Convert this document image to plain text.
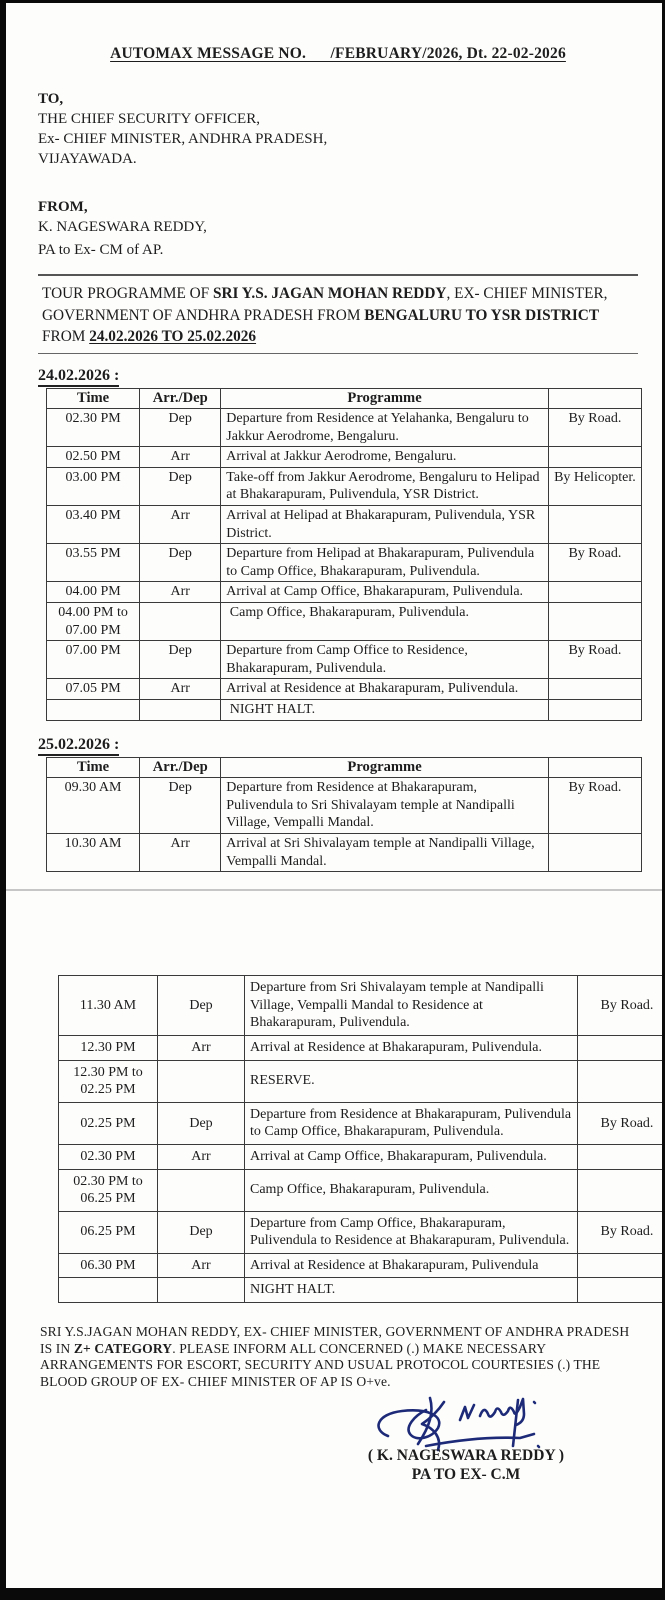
AUTOMAX MESSAGE NO.      /FEBRUARY/2026, Dt. 22-02-2026
TO,
THE CHIEF SECURITY OFFICER,
Ex- CHIEF MINISTER, ANDHRA PRADESH,
VIJAYAWADA.
FROM,
K. NAGESWARA REDDY,
PA to Ex- CM of AP.
TOUR PROGRAMME OF SRI Y.S. JAGAN MOHAN REDDY, EX- CHIEF MINISTER, GOVERNMENT OF ANDHRA PRADESH FROM BENGALURU TO YSR DISTRICT FROM 24.02.2026 TO 25.02.2026
24.02.2026 :
Time	Arr./Dep	Programme	
02.30 PM	Dep	Departure from Residence at Yelahanka, Bengaluru to Jakkur Aerodrome, Bengaluru.	By Road.
02.50 PM	Arr	Arrival at Jakkur Aerodrome, Bengaluru.	
03.00 PM	Dep	Take-off from Jakkur Aerodrome, Bengaluru to Helipad at Bhakarapuram, Pulivendula, YSR District.	By Helicopter.
03.40 PM	Arr	Arrival at Helipad at Bhakarapuram, Pulivendula, YSR District.	
03.55 PM	Dep	Departure from Helipad at Bhakarapuram, Pulivendula to Camp Office, Bhakarapuram, Pulivendula.	By Road.
04.00 PM	Arr	Arrival at Camp Office, Bhakarapuram, Pulivendula.	
04.00 PM to 07.00 PM		Camp Office, Bhakarapuram, Pulivendula.	
07.00 PM	Dep	Departure from Camp Office to Residence, Bhakarapuram, Pulivendula.	By Road.
07.05 PM	Arr	Arrival at Residence at Bhakarapuram, Pulivendula.	
		NIGHT HALT.	
25.02.2026 :
Time	Arr./Dep	Programme	
09.30 AM	Dep	Departure from Residence at Bhakarapuram, Pulivendula to Sri Shivalayam temple at Nandipalli Village, Vempalli Mandal.	By Road.
10.30 AM	Arr	Arrival at Sri Shivalayam temple at Nandipalli Village, Vempalli Mandal.	
11.30 AM	Dep	Departure from Sri Shivalayam temple at Nandipalli Village, Vempalli Mandal to Residence at Bhakarapuram, Pulivendula.	By Road.
12.30 PM	Arr	Arrival at Residence at Bhakarapuram, Pulivendula.	
12.30 PM to 02.25 PM		RESERVE.	
02.25 PM	Dep	Departure from Residence at Bhakarapuram, Pulivendula to Camp Office, Bhakarapuram, Pulivendula.	By Road.
02.30 PM	Arr	Arrival at Camp Office, Bhakarapuram, Pulivendula.	
02.30 PM to 06.25 PM		Camp Office, Bhakarapuram, Pulivendula.	
06.25 PM	Dep	Departure from Camp Office, Bhakarapuram, Pulivendula to Residence at Bhakarapuram, Pulivendula.	By Road.
06.30 PM	Arr	Arrival at Residence at Bhakarapuram, Pulivendula	
		NIGHT HALT.	
SRI Y.S.JAGAN MOHAN REDDY, EX- CHIEF MINISTER, GOVERNMENT OF ANDHRA PRADESH IS IN Z+ CATEGORY. PLEASE INFORM ALL CONCERNED (.) MAKE NECESSARY ARRANGEMENTS FOR ESCORT, SECURITY AND USUAL PROTOCOL COURTESIES (.) THE BLOOD GROUP OF EX- CHIEF MINISTER OF AP IS O+ve.
( K. NAGESWARA REDDY )
PA TO EX- C.M
